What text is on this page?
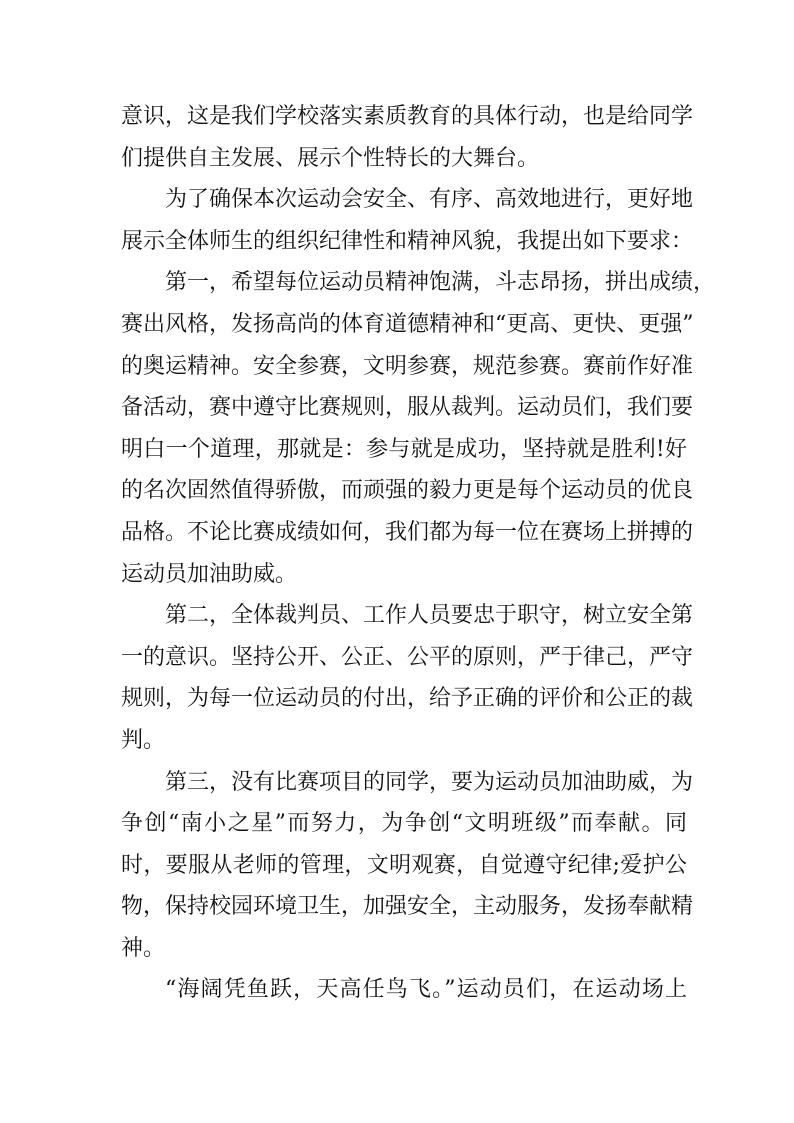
意识，这是我们学校落实素质教育的具体行动，也是给同学
们提供自主发展、展示个性特长的大舞台。
为了确保本次运动会安全、有序、高效地进行，更好地
展示全体师生的组织纪律性和精神风貌，我提出如下要求：
第一，希望每位运动员精神饱满，斗志昂扬，拼出成绩，
赛出风格，发扬高尚的体育道德精神和“更高、更快、更强”
的奥运精神。安全参赛，文明参赛，规范参赛。赛前作好准
备活动，赛中遵守比赛规则，服从裁判。运动员们，我们要
明白一个道理，那就是：参与就是成功，坚持就是胜利!好
的名次固然值得骄傲，而顽强的毅力更是每个运动员的优良
品格。不论比赛成绩如何，我们都为每一位在赛场上拼搏的
运动员加油助威。
第二，全体裁判员、工作人员要忠于职守，树立安全第
一的意识。坚持公开、公正、公平的原则，严于律己，严守
规则，为每一位运动员的付出，给予正确的评价和公正的裁
判。
第三，没有比赛项目的同学，要为运动员加油助威，为
争创“南小之星”而努力，为争创“文明班级”而奉献。同
时，要服从老师的管理，文明观赛，自觉遵守纪律;爱护公
物，保持校园环境卫生，加强安全，主动服务，发扬奉献精
神。
“海阔凭鱼跃，天高任鸟飞。”运动员们，在运动场上
